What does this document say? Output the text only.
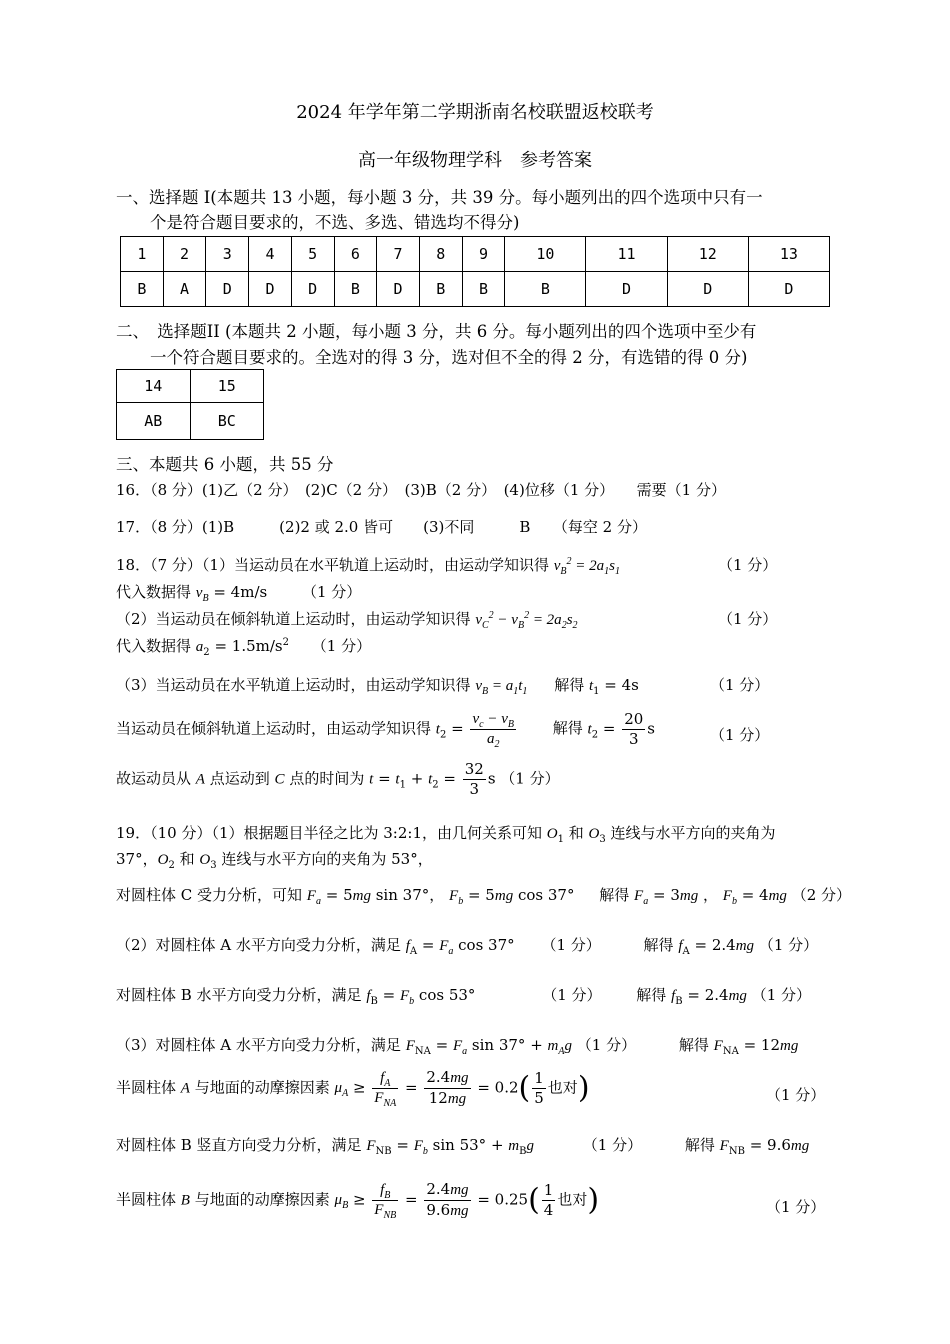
2024 年学年第二学期浙南名校联盟返校联考
高一年级物理学科　参考答案
一、选择题 I(本题共 13 小题，每小题 3 分，共 39 分。每小题列出的四个选项中只有一
个是符合题目要求的，不选、多选、错选均不得分)
1	2	3	4	5	6	7	8	9	10	11	12	13
B	A	D	D	D	B	D	B	B	B	D	D	D
二、　选择题II (本题共 2 小题，每小题 3 分，共 6 分。每小题列出的四个选项中至少有
一个符合题目要求的。全选对的得 3 分，选对但不全的得 2 分，有选错的得 0 分)
14	15
AB	BC
三、本题共 6 小题，共 55 分
16．（8 分）(1)乙（2 分）　(2)C（2 分）　(3)B（2 分）　(4)位移（1 分）　　需要（1 分）
17．（8 分）(1)B　　　(2)2 或 2.0 皆可　　(3)不同　　　B　　（每空 2 分）
18．（7 分）（1）当运动员在水平轨道上运动时，由运动学知识得 $v_B^2 = 2a_1s_1$	（1 分）
代入数据得 $v_B = 4m/s$ （1 分）
（2）当运动员在倾斜轨道上运动时，由运动学知识得 $v_C^2 - v_B^2 = 2a_2s_2$	（1 分）
代入数据得 $a_2 = 1.5m/s^2$ （1 分）
（3）当运动员在水平轨道上运动时，由运动学知识得 $v_B = a_1t_1$ 解得 $t_1 = 4s$	（1 分）
当运动员在倾斜轨道上运动时，由运动学知识得 $t_2 = \frac{v_c - v_B}{a_2}$ 解得 $t_2 = \frac{20}{3}$ s	（1 分）
故运动员从 A 点运动到 C 点的时间为 $t = t_1 + t_2 = \frac{32}{3}$ s （1 分）
19．（10 分）（1）根据题目半径之比为 3:2:1，由几何关系可知 $O_1$ 和 $O_3$ 连线与水平方向的夹角为
37°，$O_2$ 和 $O_3$ 连线与水平方向的夹角为 53°，
对圆柱体 C 受力分析，可知 $F_a = 5mg$ sin 37°， $F_b = 5mg$ cos 37° 解得 $F_a = 3mg$ ， $F_b = 4mg$ （2 分）
（2）对圆柱体 A 水平方向受力分析，满足 $f_A = F_a$ cos 37° （1 分）	解得 $f_A = 2.4mg$ （1 分）
对圆柱体 B 水平方向受力分析，满足 $f_B = F_b$ cos 53°	（1 分） 解得 $f_B = 2.4mg$ （1 分）
（3）对圆柱体 A 水平方向受力分析，满足 $F_{NA} = F_a$ $\sin 37^\circ + m_Ag$ （1 分）	解得 $F_{NA} = 12mg$
半圆柱体 A 与地面的动摩擦因素 $\mu_A \ge \frac{f_A}{F_{NA}} = \frac{2.4mg}{12mg} = 0.2( \frac{1}{5}$ 也对)	（1 分）
对圆柱体 B 竖直方向受力分析，满足 $F_{NB} = F_b$ $\sin 53^\circ + m_Bg$	（1 分）	解得 $F_{NB} = 9.6mg$
半圆柱体 B 与地面的动摩擦因素 $\mu_B \ge \frac{f_B}{F_{NB}} = \frac{2.4mg}{9.6mg} = 0.25( \frac{1}{4}$ 也对)	（1 分）
